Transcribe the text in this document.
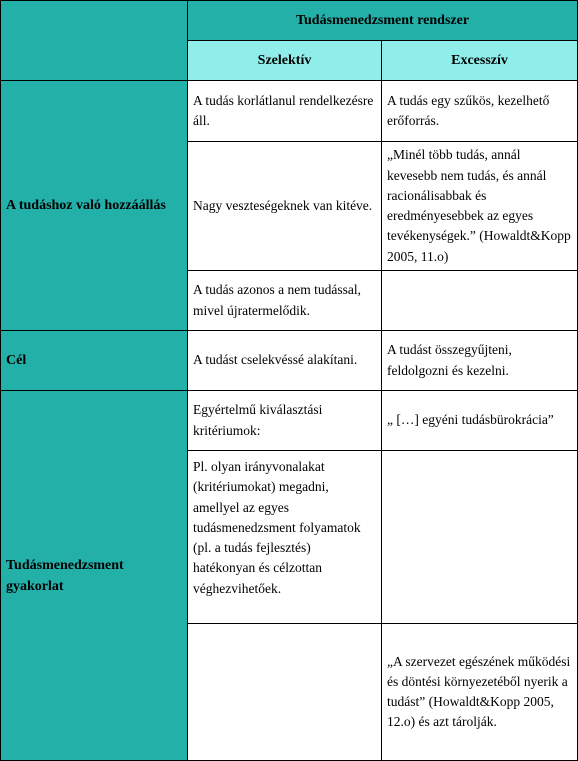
	Tudásmenedzsment rendszer	
	Szelektív	Excesszív
A tudáshoz való hozzáállás	A tudás korlátlanul rendelkezésre áll.	A tudás egy szűkös, kezelhető erőforrás.
	Nagy veszteségeknek van kitéve.	„Minél több tudás, annál kevesebb nem tudás, és annál racionálisabbak és eredményesebbek az egyes tevékenységek.” (Howaldt&Kopp 2005, 11.o)
	A tudás azonos a nem tudással, mivel újratermelődik.	
Cél	A tudást cselekvéssé alakítani.	A tudást összegyűjteni, feldolgozni és kezelni.
Tudásmenedzsment gyakorlat	Egyértelmű kiválasztási kritériumok:	„ […] egyéni tudásbürokrácia”
	Pl. olyan irányvonalakat (kritériumokat) megadni, amellyel az egyes tudásmenedzsment folyamatok (pl. a tudás fejlesztés) hatékonyan és célzottan véghezvihetőek.	
		„A szervezet egészének működési és döntési környezetéből nyerik a tudást” (Howaldt&Kopp 2005, 12.o) és azt tárolják.
